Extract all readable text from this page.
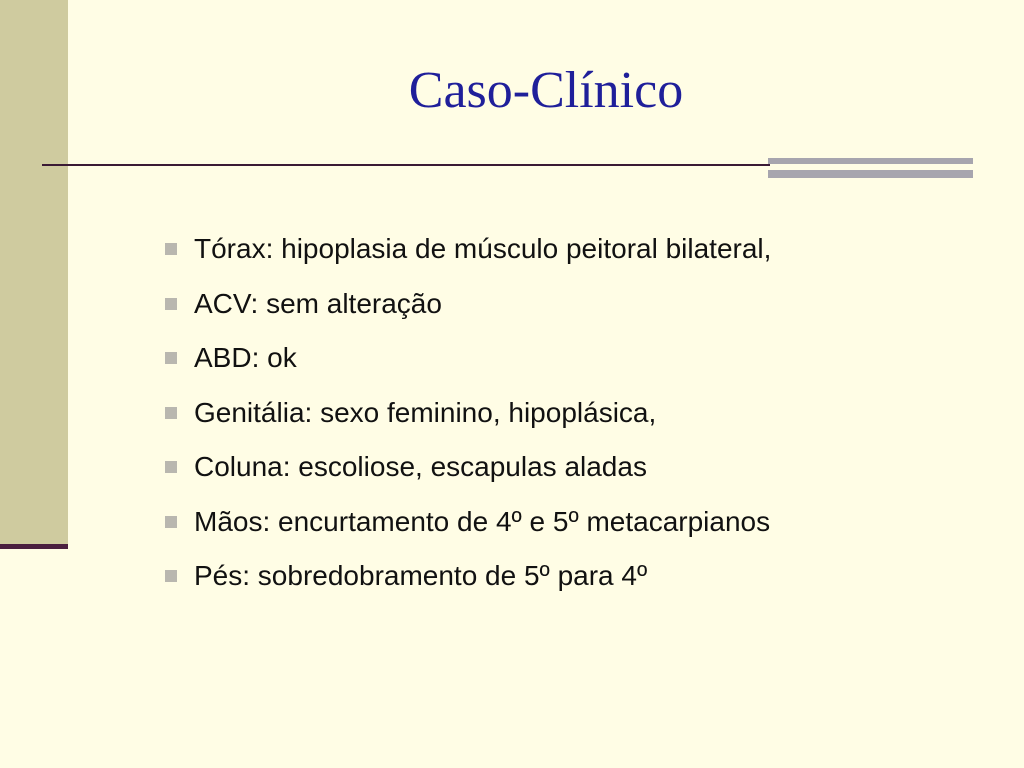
Caso-Clínico
Tórax: hipoplasia de músculo peitoral bilateral,
ACV: sem alteração
ABD: ok
Genitália: sexo feminino, hipoplásica,
Coluna: escoliose, escapulas aladas
Mãos: encurtamento de 4º e 5º metacarpianos
Pés: sobredobramento de 5º para 4º
